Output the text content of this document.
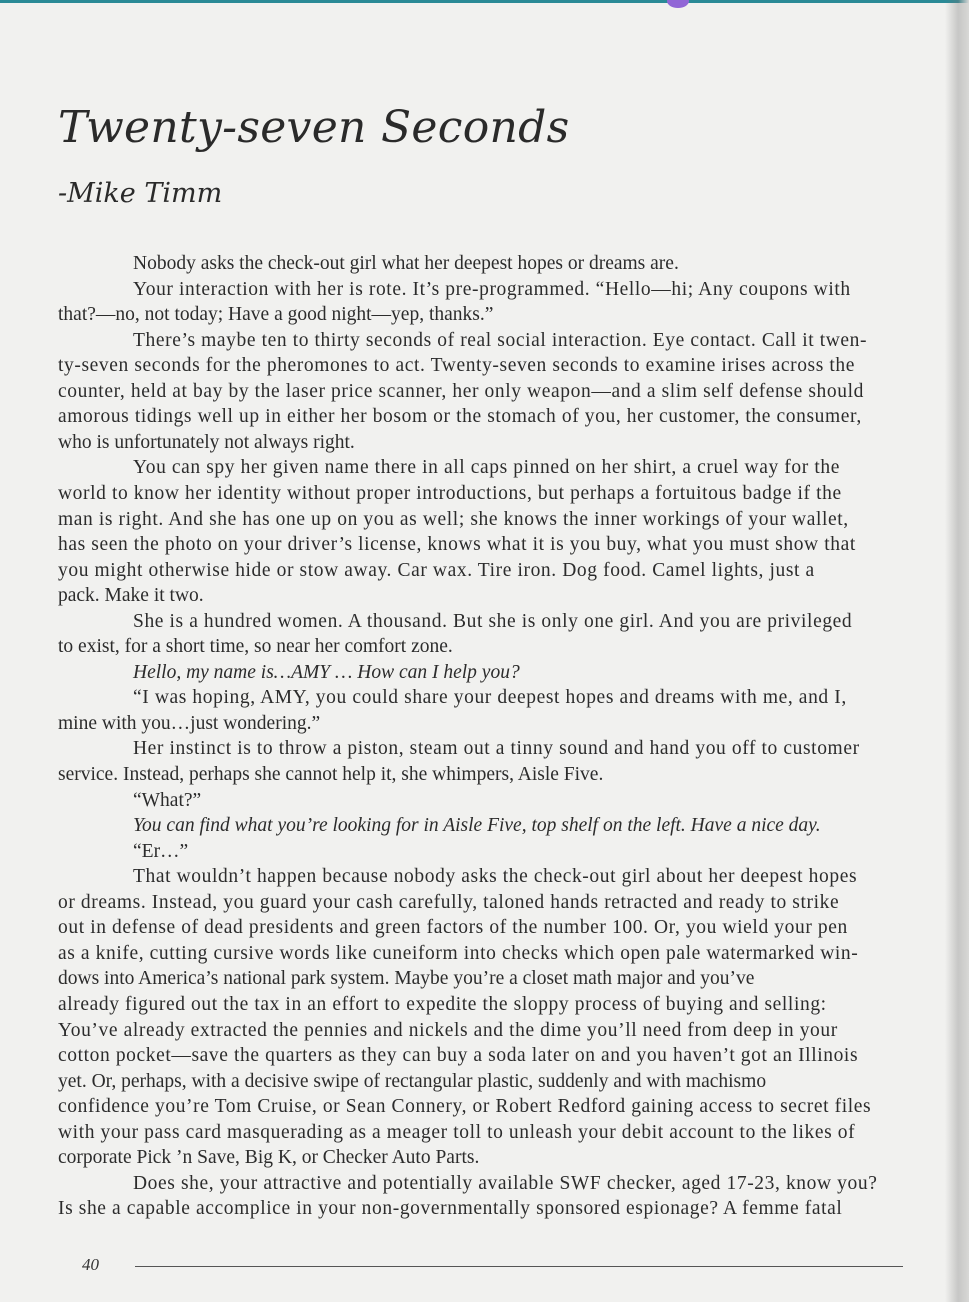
Twenty-seven Seconds
-Mike Timm
Nobody asks the check-out girl what her deepest hopes or dreams are.
Your interaction with her is rote. It’s pre-programmed. “Hello—hi; Any coupons with
that?—no, not today; Have a good night—yep, thanks.”
There’s maybe ten to thirty seconds of real social interaction. Eye contact. Call it twen-
ty-seven seconds for the pheromones to act. Twenty-seven seconds to examine irises across the
counter, held at bay by the laser price scanner, her only weapon—and a slim self defense should
amorous tidings well up in either her bosom or the stomach of you, her customer, the consumer,
who is unfortunately not always right.
You can spy her given name there in all caps pinned on her shirt, a cruel way for the
world to know her identity without proper introductions, but perhaps a fortuitous badge if the
man is right. And she has one up on you as well; she knows the inner workings of your wallet,
has seen the photo on your driver’s license, knows what it is you buy, what you must show that
you might otherwise hide or stow away. Car wax. Tire iron. Dog food. Camel lights, just a
pack. Make it two.
She is a hundred women. A thousand. But she is only one girl. And you are privileged
to exist, for a short time, so near her comfort zone.
Hello, my name is…AMY … How can I help you?
“I was hoping, AMY, you could share your deepest hopes and dreams with me, and I,
mine with you…just wondering.”
Her instinct is to throw a piston, steam out a tinny sound and hand you off to customer
service. Instead, perhaps she cannot help it, she whimpers, Aisle Five.
“What?”
You can find what you’re looking for in Aisle Five, top shelf on the left. Have a nice day.
“Er…”
That wouldn’t happen because nobody asks the check-out girl about her deepest hopes
or dreams. Instead, you guard your cash carefully, taloned hands retracted and ready to strike
out in defense of dead presidents and green factors of the number 100. Or, you wield your pen
as a knife, cutting cursive words like cuneiform into checks which open pale watermarked win-
dows into America’s national park system. Maybe you’re a closet math major and you’ve
already figured out the tax in an effort to expedite the sloppy process of buying and selling:
You’ve already extracted the pennies and nickels and the dime you’ll need from deep in your
cotton pocket—save the quarters as they can buy a soda later on and you haven’t got an Illinois
yet. Or, perhaps, with a decisive swipe of rectangular plastic, suddenly and with machismo
confidence you’re Tom Cruise, or Sean Connery, or Robert Redford gaining access to secret files
with your pass card masquerading as a meager toll to unleash your debit account to the likes of
corporate Pick ’n Save, Big K, or Checker Auto Parts.
Does she, your attractive and potentially available SWF checker, aged 17-23, know you?
Is she a capable accomplice in your non-governmentally sponsored espionage? A femme fatal
40
